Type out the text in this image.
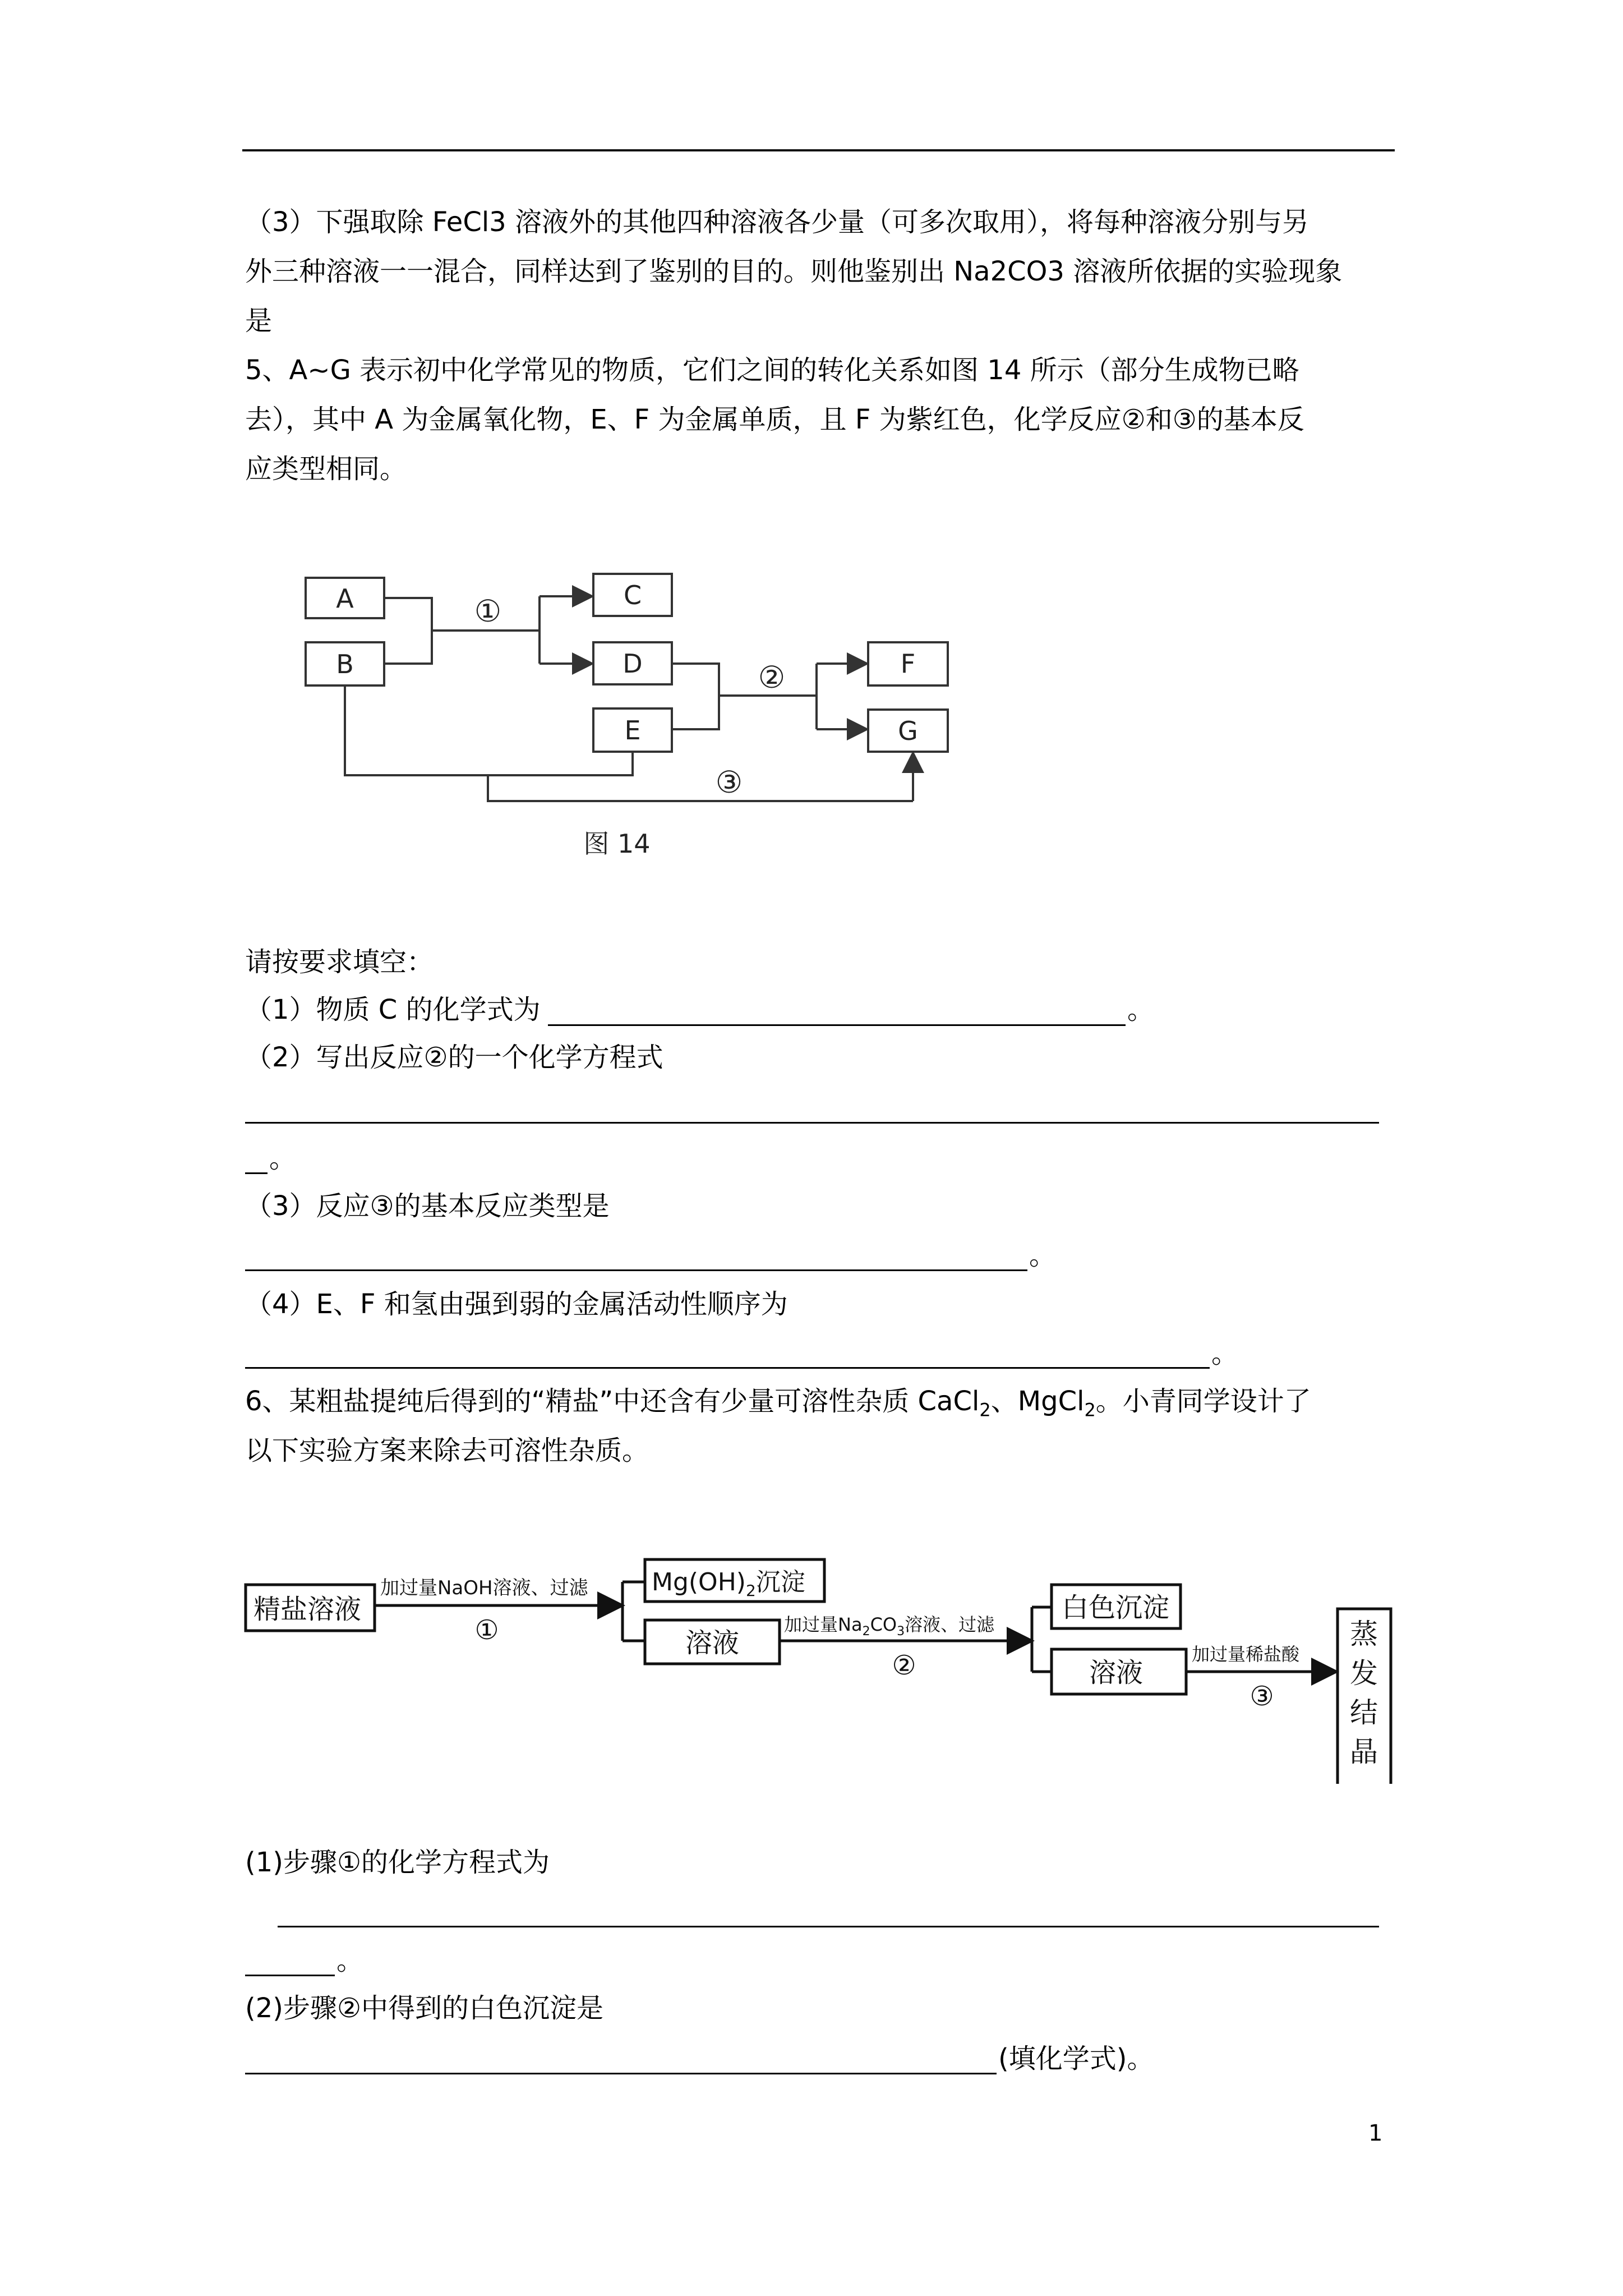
（3）下强取除 FeCl3 溶液外的其他四种溶液各少量（可多次取用），将每种溶液分别与另
外三种溶液一一混合，同样达到了鉴别的目的。则他鉴别出 Na2CO3 溶液所依据的实验现象
是
5、A~G 表示初中化学常见的物质，它们之间的转化关系如图 14 所示（部分生成物已略
去），其中 A 为金属氧化物，E、F 为金属单质，且 F 为紫红色，化学反应②和③的基本反
应类型相同。
A
B
C
D
E
F
G
①
②
③
图 14
请按要求填空：
（1）物质 C 的化学式为	。
（2）写出反应②的一个化学方程式
。
（3）反应③的基本反应类型是
。
（4）E、F 和氢由强到弱的金属活动性顺序为
。
6、某粗盐提纯后得到的“精盐”中还含有少量可溶性杂质 CaCl$_2$、MgCl$_2$。小青同学设计了
以下实验方案来除去可溶性杂质。
精盐溶液
加过量NaOH溶液、过滤
①
$Mg(OH)_2$沉淀
溶液
加过量$Na_2CO_3$溶液、过滤
②
白色沉淀
溶液
加过量稀盐酸
③
蒸
发
结
晶
(1)步骤①的化学方程式为
。
(2)步骤②中得到的白色沉淀是
(填化学式)。
1
